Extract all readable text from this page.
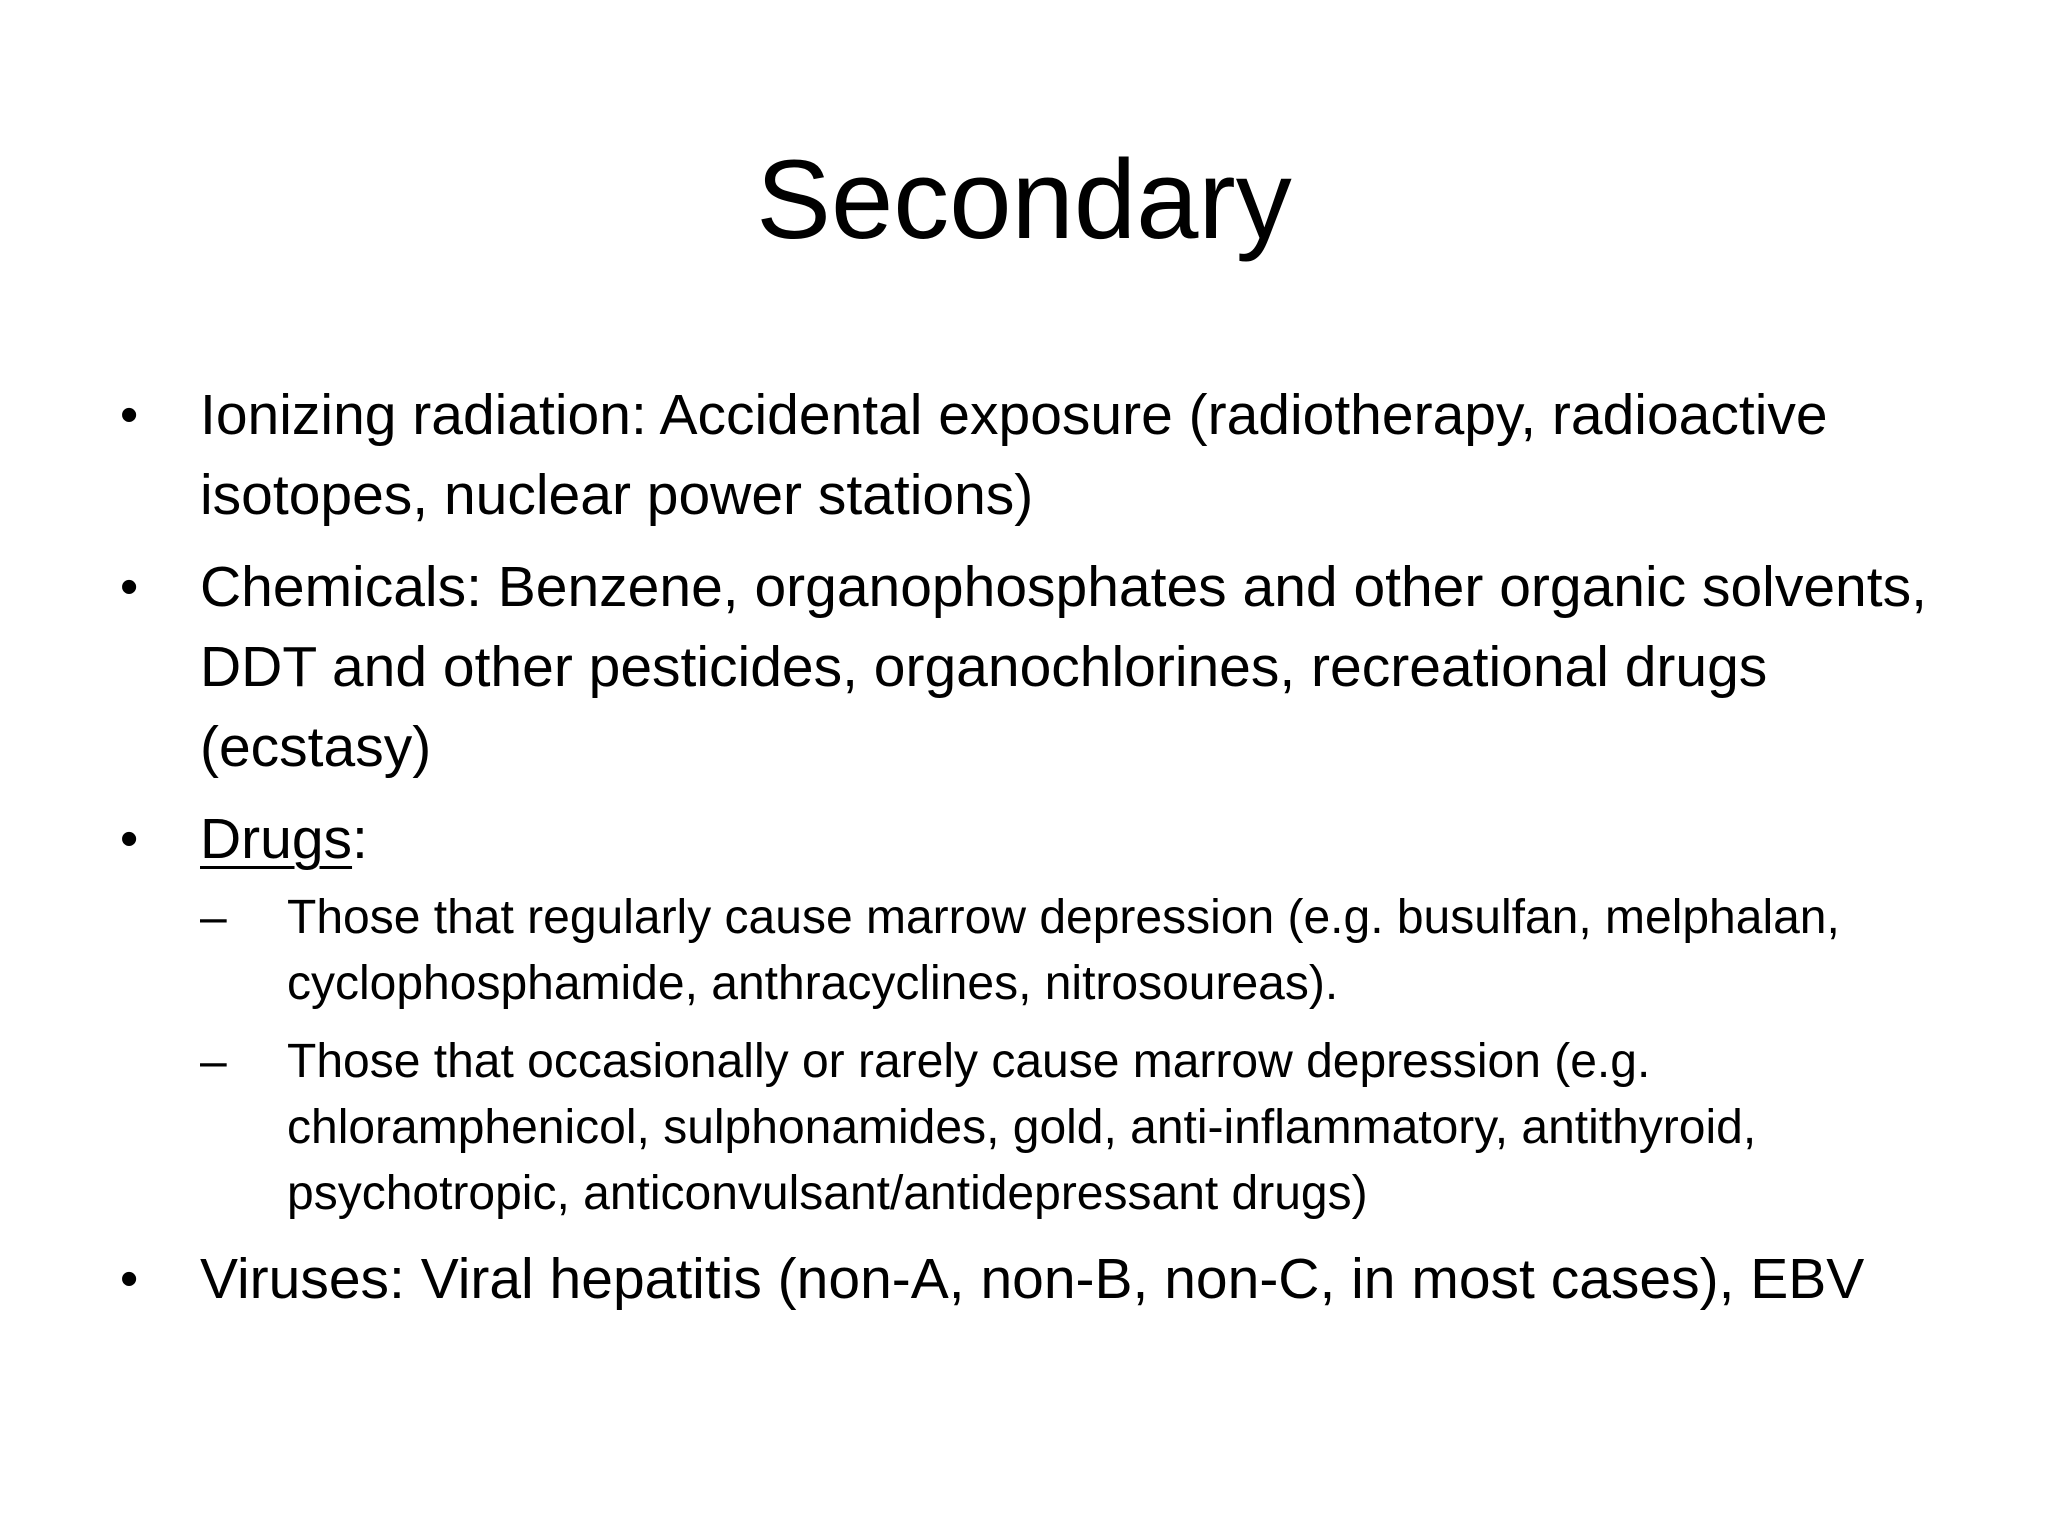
Secondary
•	Ionizing radiation: Accidental exposure (radiotherapy, radioactive isotopes, nuclear power stations)
•	Chemicals: Benzene, organophosphates and other organic solvents, DDT and other pesticides, organochlorines, recreational drugs (ecstasy)
•	Drugs:
–	Those that regularly cause marrow depression (e.g. busulfan, melphalan, cyclophosphamide, anthracyclines, nitrosoureas).
–	Those that occasionally or rarely cause marrow depression (e.g. chloramphenicol, sulphonamides, gold, anti-inflammatory, antithyroid, psychotropic, anticonvulsant/antidepressant drugs)
•	Viruses: Viral hepatitis (non-A, non-B, non-C, in most cases), EBV
